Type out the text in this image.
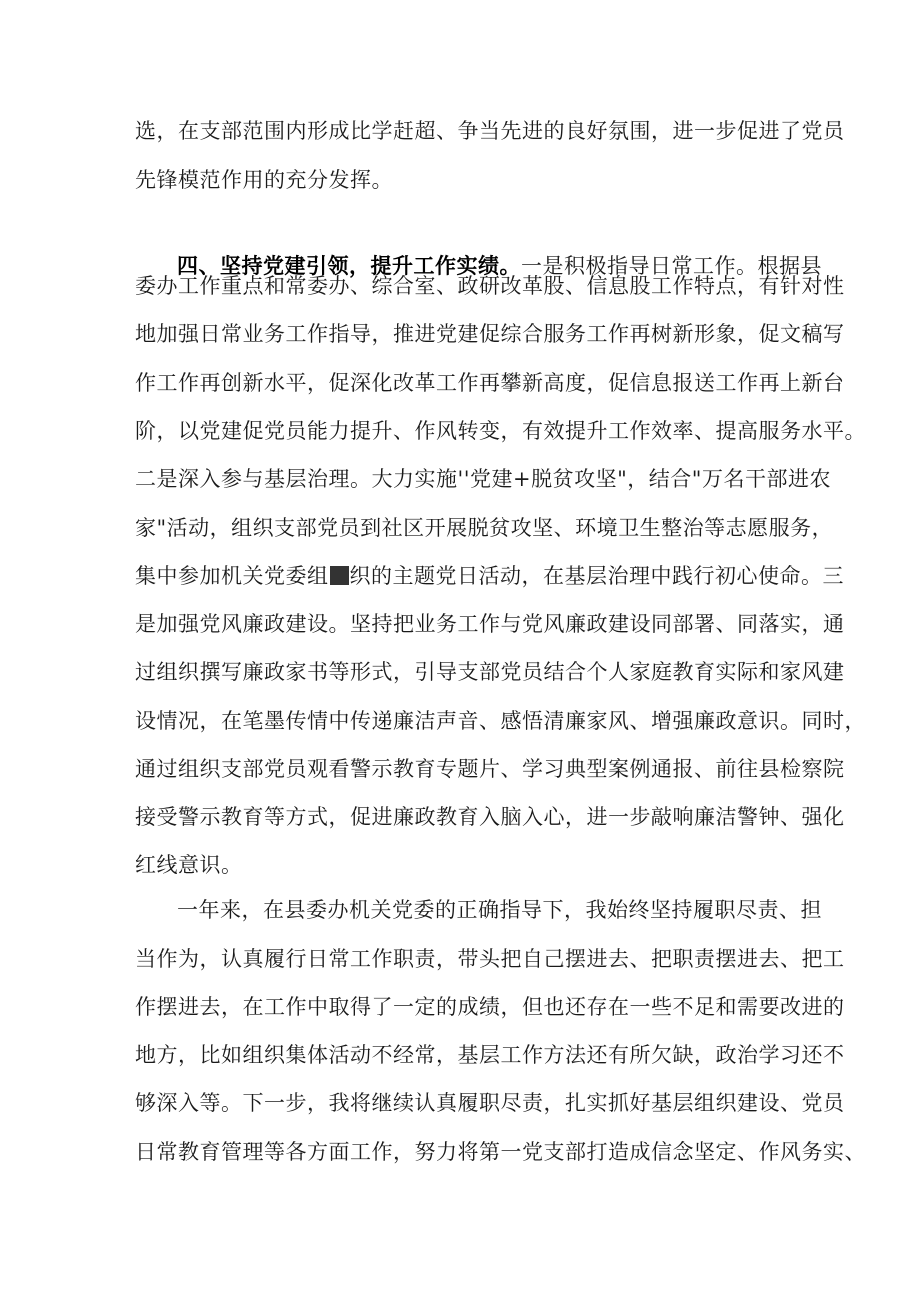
选，在支部范围内形成比学赶超、争当先进的良好氛围，进一步促进了党员
先锋模范作用的充分发挥。
四、坚持党建引领，提升工作实绩。一是积极指导日常工作。根据县
委办工作重点和常委办、综合室、政研改革股、信息股工作特点，有针对性
地加强日常业务工作指导，推进党建促综合服务工作再树新形象，促文稿写
作工作再创新水平，促深化改革工作再攀新高度，促信息报送工作再上新台
阶，以党建促党员能力提升、作风转变，有效提升工作效率、提高服务水平。
二是深入参与基层治理。大力实施''党建+脱贫攻坚"，结合"万名干部进农
家"活动，组织支部党员到社区开展脱贫攻坚、环境卫生整治等志愿服务，
集中参加机关党委组 织的主题党日活动，在基层治理中践行初心使命。三
是加强党风廉政建设。坚持把业务工作与党风廉政建设同部署、同落实，通
过组织撰写廉政家书等形式，引导支部党员结合个人家庭教育实际和家风建
设情况，在笔墨传情中传递廉洁声音、感悟清廉家风、增强廉政意识。同时，
通过组织支部党员观看警示教育专题片、学习典型案例通报、前往县检察院
接受警示教育等方式，促进廉政教育入脑入心，进一步敲响廉洁警钟、强化
红线意识。
一年来，在县委办机关党委的正确指导下，我始终坚持履职尽责、担
当作为，认真履行日常工作职责，带头把自己摆进去、把职责摆进去、把工
作摆进去，在工作中取得了一定的成绩，但也还存在一些不足和需要改进的
地方，比如组织集体活动不经常，基层工作方法还有所欠缺，政治学习还不
够深入等。下一步，我将继续认真履职尽责，扎实抓好基层组织建设、党员
日常教育管理等各方面工作，努力将第一党支部打造成信念坚定、作风务实、
